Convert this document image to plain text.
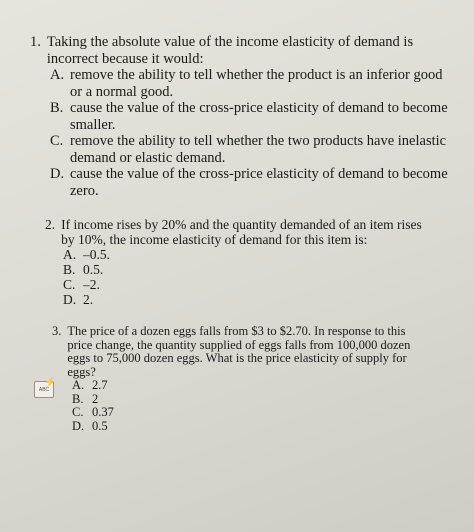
1. Taking the absolute value of the income elasticity of demand is incorrect because it would:
A. remove the ability to tell whether the product is an inferior good or a normal good.
B. cause the value of the cross-price elasticity of demand to become smaller.
C. remove the ability to tell whether the two products have inelastic demand or elastic demand.
D. cause the value of the cross-price elasticity of demand to become zero.
2. If income rises by 20% and the quantity demanded of an item rises by 10%, the income elasticity of demand for this item is:
A. –0.5.
B. 0.5.
C. –2.
D. 2.
3. The price of a dozen eggs falls from $3 to $2.70. In response to this price change, the quantity supplied of eggs falls from 100,000 dozen eggs to 75,000 dozen eggs. What is the price elasticity of supply for eggs?
A. 2.7
B. 2
C. 0.37
D. 0.5
ABC
⚡
